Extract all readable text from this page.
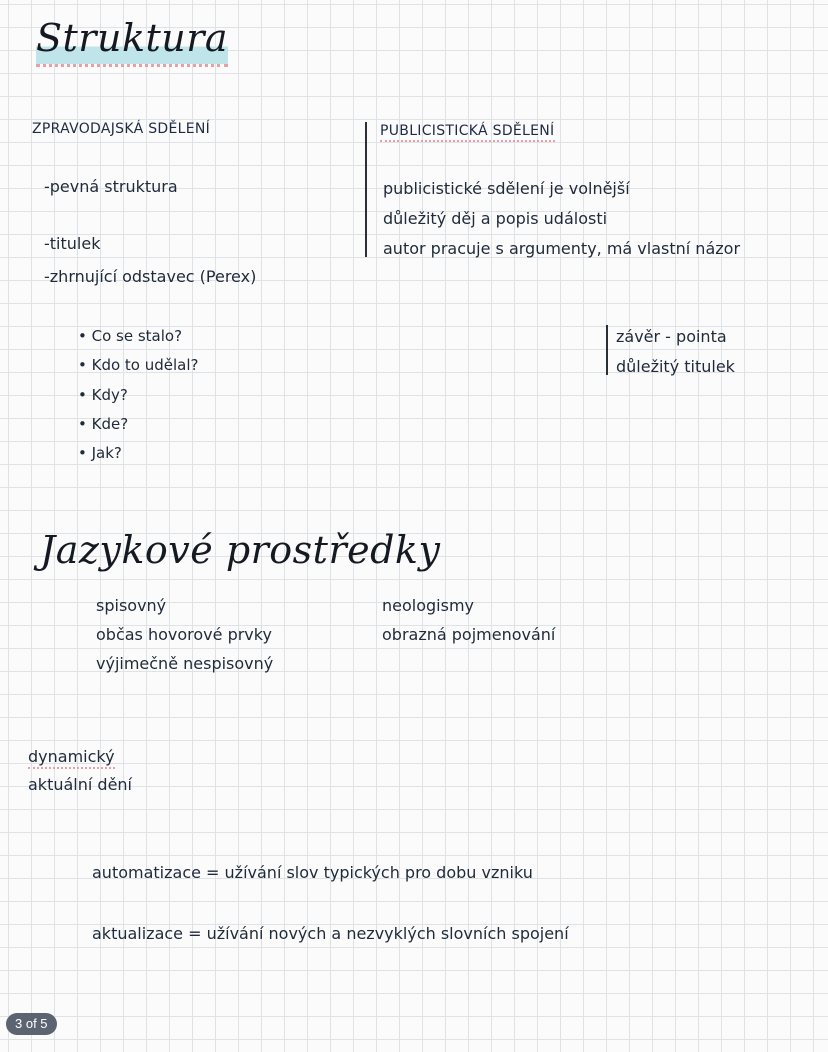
Struktura
ZPRAVODAJSKÁ SDĚLENÍ	PUBLICISTICKÁ SDĚLENÍ
-pevná struktura
-titulek
-zhrnující odstavec (Perex)
publicistické sdělení je volnější
důležitý děj a popis události
autor pracuje s argumenty, má vlastní názor
• Co se stalo?
• Kdo to udělal?
• Kdy?
• Kde?
• Jak?
závěr - pointa
důležitý titulek
Jazykové prostředky
spisovný
občas hovorové prvky
výjimečně nespisovný
neologismy
obrazná pojmenování
dynamický
aktuální dění
automatizace = užívání slov typických pro dobu vzniku
aktualizace = užívání nových a nezvyklých slovních spojení
3 of 5
